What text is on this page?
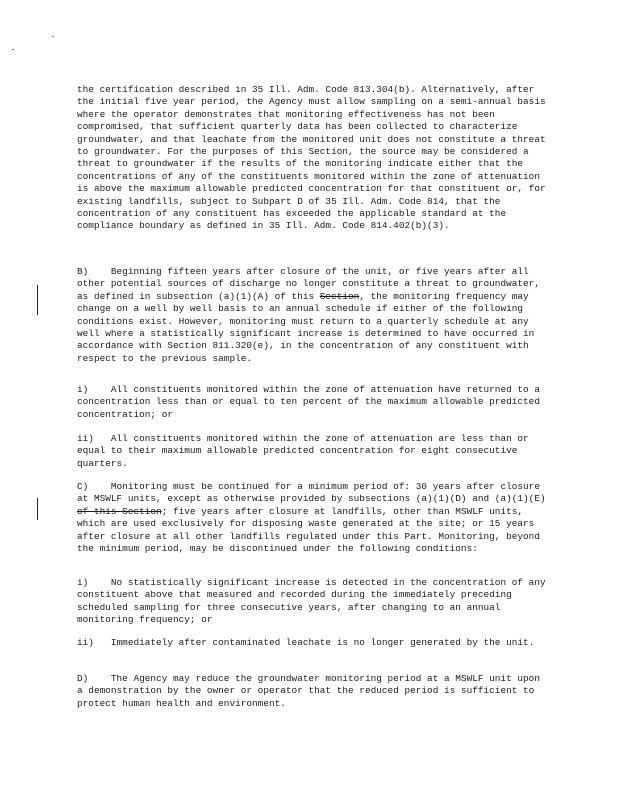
the certification described in 35 Ill. Adm. Code 813.304(b). Alternatively, after the initial five year period, the Agency must allow sampling on a semi-annual basis where the operator demonstrates that monitoring effectiveness has not been compromised, that sufficient quarterly data has been collected to characterize groundwater, and that leachate from the monitored unit does not constitute a threat to groundwater. For the purposes of this Section, the source may be considered a threat to groundwater if the results of the monitoring indicate either that the concentrations of any of the constituents monitored within the zone of attenuation is above the maximum allowable predicted concentration for that constituent or, for existing landfills, subject to Subpart D of 35 Ill. Adm. Code 814, that the concentration of any constituent has exceeded the applicable standard at the compliance boundary as defined in 35 Ill. Adm. Code 814.402(b)(3).

B)    Beginning fifteen years after closure of the unit, or five years after all other potential sources of discharge no longer constitute a threat to groundwater, as defined in subsection (a)(1)(A) of this Section, the monitoring frequency may change on a well by well basis to an annual schedule if either of the following conditions exist. However, monitoring must return to a quarterly schedule at any well where a statistically significant increase is determined to have occurred in accordance with Section 811.320(e), in the concentration of any constituent with respect to the previous sample.

i)    All constituents monitored within the zone of attenuation have returned to a concentration less than or equal to ten percent of the maximum allowable predicted concentration; or

ii)   All constituents monitored within the zone of attenuation are less than or equal to their maximum allowable predicted concentration for eight consecutive quarters.

C)    Monitoring must be continued for a minimum period of: 30 years after closure at MSWLF units, except as otherwise provided by subsections (a)(1)(D) and (a)(1)(E) of this Section; five years after closure at landfills, other than MSWLF units, which are used exclusively for disposing waste generated at the site; or 15 years after closure at all other landfills regulated under this Part. Monitoring, beyond the minimum period, may be discontinued under the following conditions:

i)    No statistically significant increase is detected in the concentration of any constituent above that measured and recorded during the immediately preceding scheduled sampling for three consecutive years, after changing to an annual monitoring frequency; or

ii)   Immediately after contaminated leachate is no longer generated by the unit.

D)    The Agency may reduce the groundwater monitoring period at a MSWLF unit upon a demonstration by the owner or operator that the reduced period is sufficient to protect human health and environment.
